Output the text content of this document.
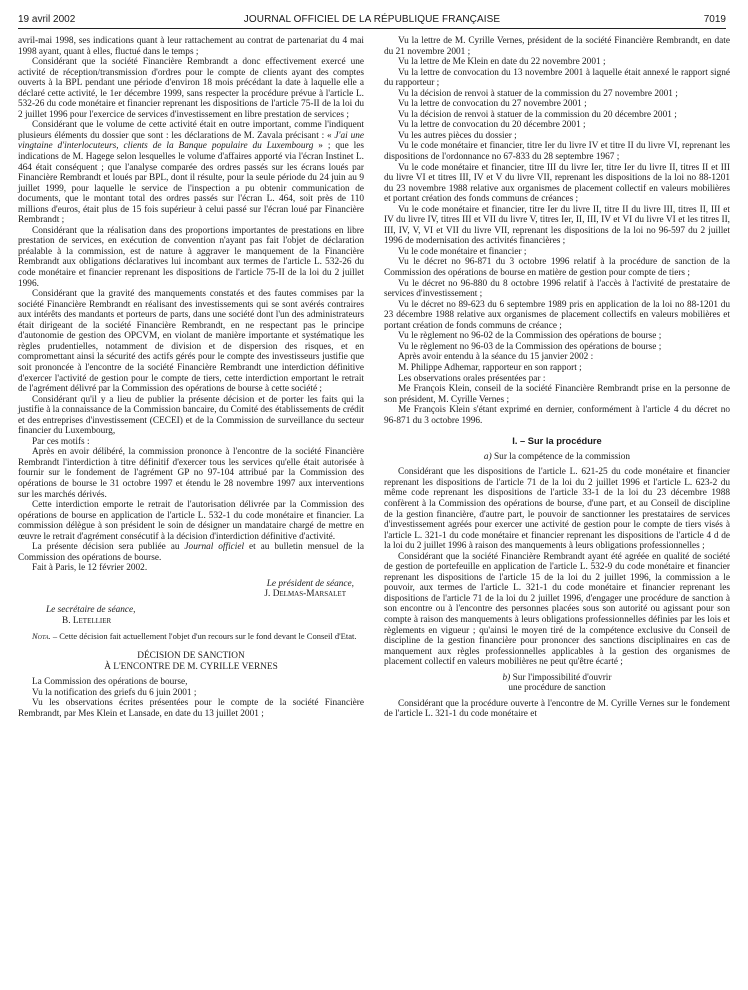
19 avril 2002	JOURNAL OFFICIEL DE LA RÉPUBLIQUE FRANÇAISE	7019

avril-mai 1998, ses indications quant à leur rattachement au contrat de partenariat du 4 mai 1998 ayant, quant à elles, fluctué dans le temps ;

Considérant que la société Financière Rembrandt a donc effectivement exercé une activité de réception/transmission d'ordres pour le compte de clients ayant des comptes ouverts à la BPL pendant une période d'environ 18 mois précédant la date à laquelle elle a déclaré cette activité, le 1er décembre 1999, sans respecter la procédure prévue à l'article L. 532-26 du code monétaire et financier reprenant les dispositions de l'article 75-II de la loi du 2 juillet 1996 pour l'exercice de services d'investissement en libre prestation de services ;

Considérant que le volume de cette activité était en outre important, comme l'indiquent plusieurs éléments du dossier que sont : les déclarations de M. Zavala précisant : « J'ai une vingtaine d'interlocuteurs, clients de la Banque populaire du Luxembourg » ; que les indications de M. Hagege selon lesquelles le volume d'affaires apporté via l'écran Instinet L. 464 était conséquent ; que l'analyse comparée des ordres passés sur les écrans loués par Financière Rembrandt et loués par BPL, dont il résulte, pour la seule période du 24 juin au 9 juillet 1999, pour laquelle le service de l'inspection a pu obtenir communication de documents, que le montant total des ordres passés sur l'écran L. 464, soit près de 110 millions d'euros, était plus de 15 fois supérieur à celui passé sur l'écran loué par Financière Rembrandt ;

Considérant que la réalisation dans des proportions importantes de prestations en libre prestation de services, en exécution de convention n'ayant pas fait l'objet de déclaration préalable à la commission, est de nature à aggraver le manquement de la Financière Rembrandt aux obligations déclaratives lui incombant aux termes de l'article L. 532-26 du code monétaire et financier reprenant les dispositions de l'article 75-II de la loi du 2 juillet 1996.

Considérant que la gravité des manquements constatés et des fautes commises par la société Financière Rembrandt en réalisant des investissements qui se sont avérés contraires aux intérêts des mandants et porteurs de parts, dans une société dont l'un des administrateurs était dirigeant de la société Financière Rembrandt, en ne respectant pas le principe d'autonomie de gestion des OPCVM, en violant de manière importante et systématique les règles prudentielles, notamment de division et de dispersion des risques, et en compromettant ainsi la sécurité des actifs gérés pour le compte des investisseurs justifie que soit prononcée à l'encontre de la société Financière Rembrandt une interdiction définitive d'exercer l'activité de gestion pour le compte de tiers, cette interdiction emportant le retrait de l'agrément délivré par la Commission des opérations de bourse à cette société ;

Considérant qu'il y a lieu de publier la présente décision et de porter les faits qui la justifie à la connaissance de la Commission bancaire, du Comité des établissements de crédit et des entreprises d'investissement (CECEI) et de la Commission de surveillance du secteur financier du Luxembourg,

Par ces motifs :

Après en avoir délibéré, la commission prononce à l'encontre de la société Financière Rembrandt l'interdiction à titre définitif d'exercer tous les services qu'elle était autorisée à fournir sur le fondement de l'agrément GP no 97-104 attribué par la Commission des opérations de bourse le 31 octobre 1997 et étendu le 28 novembre 1997 aux interventions sur les marchés dérivés.

Cette interdiction emporte le retrait de l'autorisation délivrée par la Commission des opérations de bourse en application de l'article L. 532-1 du code monétaire et financier. La commission délègue à son président le soin de désigner un mandataire chargé de mettre en œuvre le retrait d'agrément consécutif à la décision d'interdiction définitive d'activité.

La présente décision sera publiée au Journal officiel et au bulletin mensuel de la Commission des opérations de bourse.

Fait à Paris, le 12 février 2002.

Le président de séance,

J. Delmas-Marsalet

Le secrétaire de séance,

B. Letellier

Nota. – Cette décision fait actuellement l'objet d'un recours sur le fond devant le Conseil d'Etat.

DÉCISION DE SANCTION

À L'ENCONTRE DE M. CYRILLE VERNES

La Commission des opérations de bourse,

Vu la notification des griefs du 6 juin 2001 ;

Vu les observations écrites présentées pour le compte de la société Financière Rembrandt, par Mes Klein et Lansade, en date du 13 juillet 2001 ;

Vu la lettre de M. Cyrille Vernes, président de la société Financière Rembrandt, en date du 21 novembre 2001 ;

Vu la lettre de Me Klein en date du 22 novembre 2001 ;

Vu la lettre de convocation du 13 novembre 2001 à laquelle était annexé le rapport signé du rapporteur ;

Vu la décision de renvoi à statuer de la commission du 27 novembre 2001 ;

Vu la lettre de convocation du 27 novembre 2001 ;

Vu la décision de renvoi à statuer de la commission du 20 décembre 2001 ;

Vu la lettre de convocation du 20 décembre 2001 ;

Vu les autres pièces du dossier ;

Vu le code monétaire et financier, titre Ier du livre IV et titre II du livre VI, reprenant les dispositions de l'ordonnance no 67-833 du 28 septembre 1967 ;

Vu le code monétaire et financier, titre III du livre Ier, titre Ier du livre II, titres II et III du livre VI et titres III, IV et V du livre VII, reprenant les dispositions de la loi no 88-1201 du 23 novembre 1988 relative aux organismes de placement collectif en valeurs mobilières et portant création des fonds communs de créances ;

Vu le code monétaire et financier, titre Ier du livre II, titre II du livre III, titres II, III et IV du livre IV, titres III et VII du livre V, titres Ier, II, III, IV et VI du livre VI et les titres II, III, IV, V, VI et VII du livre VII, reprenant les dispositions de la loi no 96-597 du 2 juillet 1996 de modernisation des activités financières ;

Vu le code monétaire et financier ;

Vu le décret no 96-871 du 3 octobre 1996 relatif à la procédure de sanction de la Commission des opérations de bourse en matière de gestion pour compte de tiers ;

Vu le décret no 96-880 du 8 octobre 1996 relatif à l'accès à l'activité de prestataire de services d'investissement ;

Vu le décret no 89-623 du 6 septembre 1989 pris en application de la loi no 88-1201 du 23 décembre 1988 relative aux organismes de placement collectifs en valeurs mobilières et portant création de fonds communs de créance ;

Vu le règlement no 96-02 de la Commission des opérations de bourse ;

Vu le règlement no 96-03 de la Commission des opérations de bourse ;

Après avoir entendu à la séance du 15 janvier 2002 :

M. Philippe Adhemar, rapporteur en son rapport ;

Les observations orales présentées par :

Me François Klein, conseil de la société Financière Rembrandt prise en la personne de son président, M. Cyrille Vernes ;

Me François Klein s'étant exprimé en dernier, conformément à l'article 4 du décret no 96-871 du 3 octobre 1996.

I. – Sur la procédure

a) Sur la compétence de la commission

Considérant que les dispositions de l'article L. 621-25 du code monétaire et financier reprenant les dispositions de l'article 71 de la loi du 2 juillet 1996 et l'article L. 623-2 du même code reprenant les dispositions de l'article 33-1 de la loi du 23 décembre 1988 confèrent à la Commission des opérations de bourse, d'une part, et au Conseil de discipline de la gestion financière, d'autre part, le pouvoir de sanctionner les prestataires de services d'investissement agréés pour exercer une activité de gestion pour le compte de tiers visés à l'article L. 321-1 du code monétaire et financier reprenant les dispositions de l'article 4 d de la loi du 2 juillet 1996 à raison des manquements à leurs obligations professionnelles ;

Considérant que la société Financière Rembrandt ayant été agréée en qualité de société de gestion de portefeuille en application de l'article L. 532-9 du code monétaire et financier reprenant les dispositions de l'article 15 de la loi du 2 juillet 1996, la commission a le pouvoir, aux termes de l'article L. 321-1 du code monétaire et financier reprenant les dispositions de l'article 71 de la loi du 2 juillet 1996, d'engager une procédure de sanction à son encontre ou à l'encontre des personnes placées sous son autorité ou agissant pour son compte à raison des manquements à leurs obligations professionnelles définies par les lois et règlements en vigueur ; qu'ainsi le moyen tiré de la compétence exclusive du Conseil de discipline de la gestion financière pour prononcer des sanctions disciplinaires en cas de manquement aux règles professionnelles applicables à la gestion des organismes de placement collectif en valeurs mobilières ne peut qu'être écarté ;

b) Sur l'impossibilité d'ouvrir

une procédure de sanction

Considérant que la procédure ouverte à l'encontre de M. Cyrille Vernes sur le fondement de l'article L. 321-1 du code monétaire et
